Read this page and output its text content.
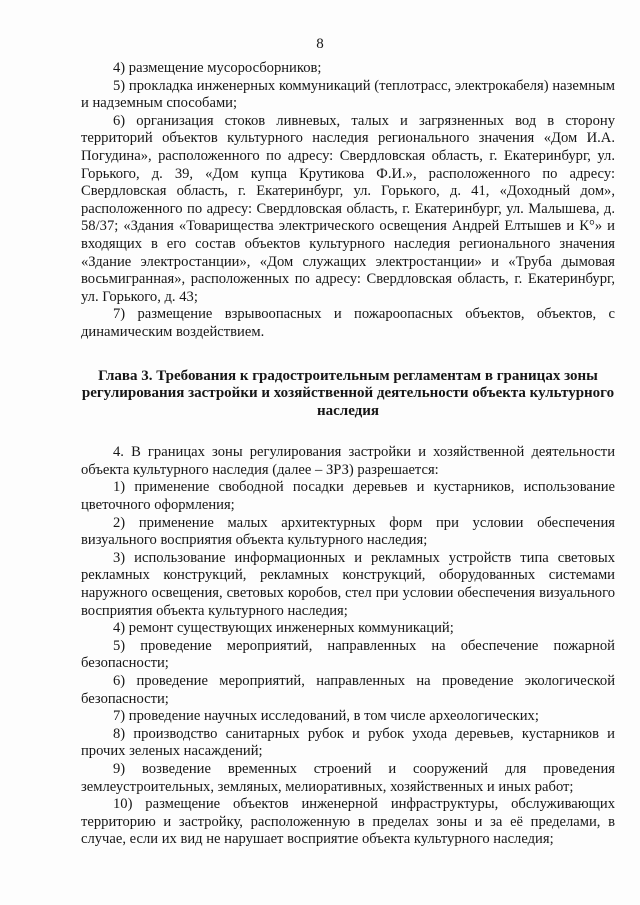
8

4) размещение мусоросборников;

5) прокладка инженерных коммуникаций (теплотрасс, электрокабеля) наземным и надземным способами;

6) организация стоков ливневых, талых и загрязненных вод в сторону территорий объектов культурного наследия регионального значения «Дом И.А. Погудина», расположенного по адресу: Свердловская область, г. Екатеринбург, ул. Горького, д. 39, «Дом купца Крутикова Ф.И.», расположенного по адресу: Свердловская область, г. Екатеринбург, ул. Горького, д. 41, «Доходный дом», расположенного по адресу: Свердловская область, г. Екатеринбург, ул. Малышева, д. 58/37; «Здания «Товарищества электрического освещения Андрей Елтышев и К°» и входящих в его состав объектов культурного наследия регионального значения «Здание электростанции», «Дом служащих электростанции» и «Труба дымовая восьмигранная», расположенных по адресу: Свердловская область, г. Екатеринбург, ул. Горького, д. 43;

7) размещение взрывоопасных и пожароопасных объектов, объектов, с динамическим воздействием.

Глава 3. Требования к градостроительным регламентам в границах зоны регулирования застройки и хозяйственной деятельности объекта культурного наследия

4. В границах зоны регулирования застройки и хозяйственной деятельности объекта культурного наследия (далее – ЗРЗ) разрешается:

1) применение свободной посадки деревьев и кустарников, использование цветочного оформления;

2) применение малых архитектурных форм при условии обеспечения визуального восприятия объекта культурного наследия;

3) использование информационных и рекламных устройств типа световых рекламных конструкций, рекламных конструкций, оборудованных системами наружного освещения, световых коробов, стел при условии обеспечения визуального восприятия объекта культурного наследия;

4) ремонт существующих инженерных коммуникаций;

5) проведение мероприятий, направленных на обеспечение пожарной безопасности;

6) проведение мероприятий, направленных на проведение экологической безопасности;

7) проведение научных исследований, в том числе археологических;

8) производство санитарных рубок и рубок ухода деревьев, кустарников и прочих зеленых насаждений;

9) возведение временных строений и сооружений для проведения землеустроительных, земляных, мелиоративных, хозяйственных и иных работ;

10) размещение объектов инженерной инфраструктуры, обслуживающих территорию и застройку, расположенную в пределах зоны и за её пределами, в случае, если их вид не нарушает восприятие объекта культурного наследия;
